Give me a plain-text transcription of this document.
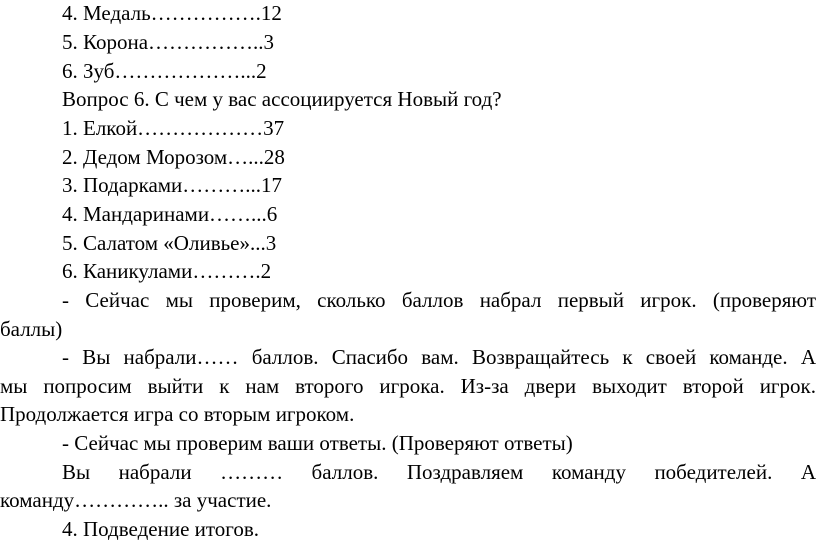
4. Медаль…………….12
5. Корона……………..3
6. Зуб………………...2
Вопрос 6. С чем у вас ассоциируется Новый год?
1. Елкой………………37
2. Дедом Морозом…...28
3. Подарками………...17
4. Мандаринами……...6
5. Салатом «Оливье»...3
6. Каникулами……….2
- Сейчас мы проверим, сколько баллов набрал первый игрок. (проверяют
баллы)
- Вы набрали…… баллов. Спасибо вам. Возвращайтесь к своей команде. А
мы попросим выйти к нам второго игрока. Из-за двери выходит второй игрок.
Продолжается игра со вторым игроком.
- Сейчас мы проверим ваши ответы. (Проверяют ответы)
Вы набрали ……… баллов. Поздравляем команду победителей. А
команду………….. за участие.
4. Подведение итогов.
